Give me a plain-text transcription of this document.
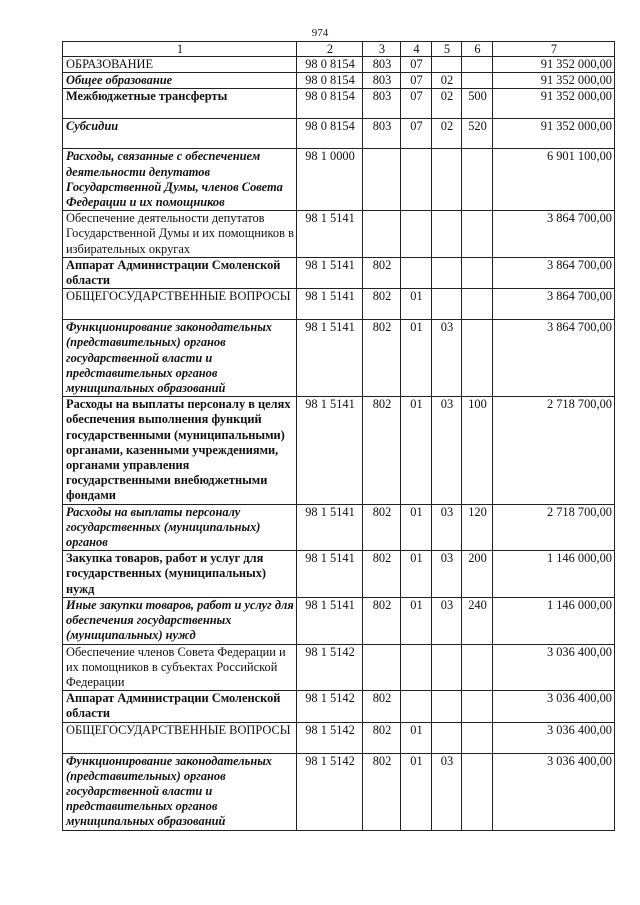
974
1	2	3	4	5	6	7
ОБРАЗОВАНИЕ	98 0 8154	803	07			91 352 000,00
Общее образование	98 0 8154	803	07	02		91 352 000,00
Межбюджетные трансферты	98 0 8154	803	07	02	500	91 352 000,00
Субсидии	98 0 8154	803	07	02	520	91 352 000,00
Расходы, связанные с обеспечением деятельности депутатов Государственной Думы, членов Совета Федерации и их помощников	98 1 0000					6 901 100,00
Обеспечение деятельности депутатов Государственной Думы и их помощников в избирательных округах	98 1 5141					3 864 700,00
Аппарат Администрации Смоленской области	98 1 5141	802				3 864 700,00
ОБЩЕГОСУДАРСТВЕННЫЕ ВОПРОСЫ	98 1 5141	802	01			3 864 700,00
Функционирование законодательных (представительных) органов государственной власти и представительных органов муниципальных образований	98 1 5141	802	01	03		3 864 700,00
Расходы на выплаты персоналу в целях обеспечения выполнения функций государственными (муниципальными) органами, казенными учреждениями, органами управления государственными внебюджетными фондами	98 1 5141	802	01	03	100	2 718 700,00
Расходы на выплаты персоналу государственных (муниципальных) органов	98 1 5141	802	01	03	120	2 718 700,00
Закупка товаров, работ и услуг для государственных (муниципальных) нужд	98 1 5141	802	01	03	200	1 146 000,00
Иные закупки товаров, работ и услуг для обеспечения государственных (муниципальных) нужд	98 1 5141	802	01	03	240	1 146 000,00
Обеспечение членов Совета Федерации и их помощников в субъектах Российской Федерации	98 1 5142					3 036 400,00
Аппарат Администрации Смоленской области	98 1 5142	802				3 036 400,00
ОБЩЕГОСУДАРСТВЕННЫЕ ВОПРОСЫ	98 1 5142	802	01			3 036 400,00
Функционирование законодательных (представительных) органов государственной власти и представительных органов муниципальных образований	98 1 5142	802	01	03		3 036 400,00
